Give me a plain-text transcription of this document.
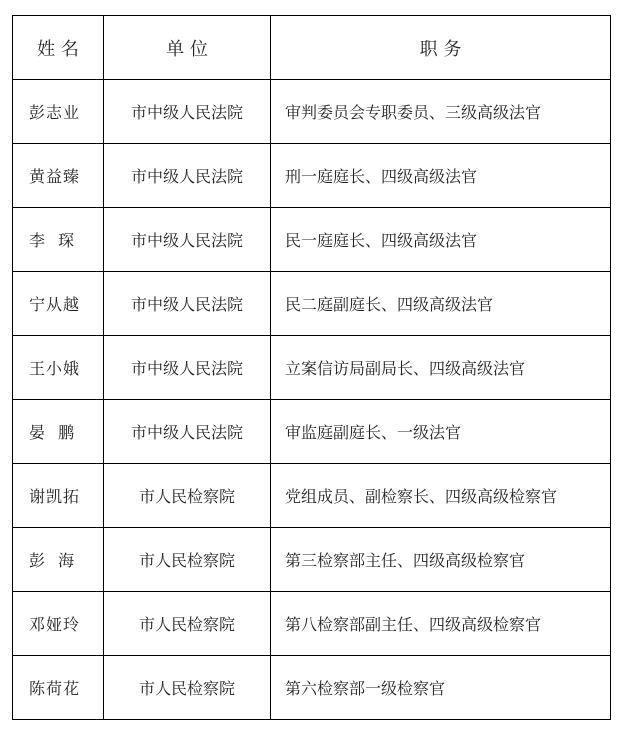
姓 名	单 位	职 务
彭志业	市中级人民法院	审判委员会专职委员、三级高级法官
黄益臻	市中级人民法院	刑一庭庭长、四级高级法官
李  琛	市中级人民法院	民一庭庭长、四级高级法官
宁从越	市中级人民法院	民二庭副庭长、四级高级法官
王小娥	市中级人民法院	立案信访局副局长、四级高级法官
晏  鹏	市中级人民法院	审监庭副庭长、一级法官
谢凯拓	市人民检察院	党组成员、副检察长、四级高级检察官
彭  海	市人民检察院	第三检察部主任、四级高级检察官
邓娅玲	市人民检察院	第八检察部副主任、四级高级检察官
陈荷花	市人民检察院	第六检察部一级检察官
